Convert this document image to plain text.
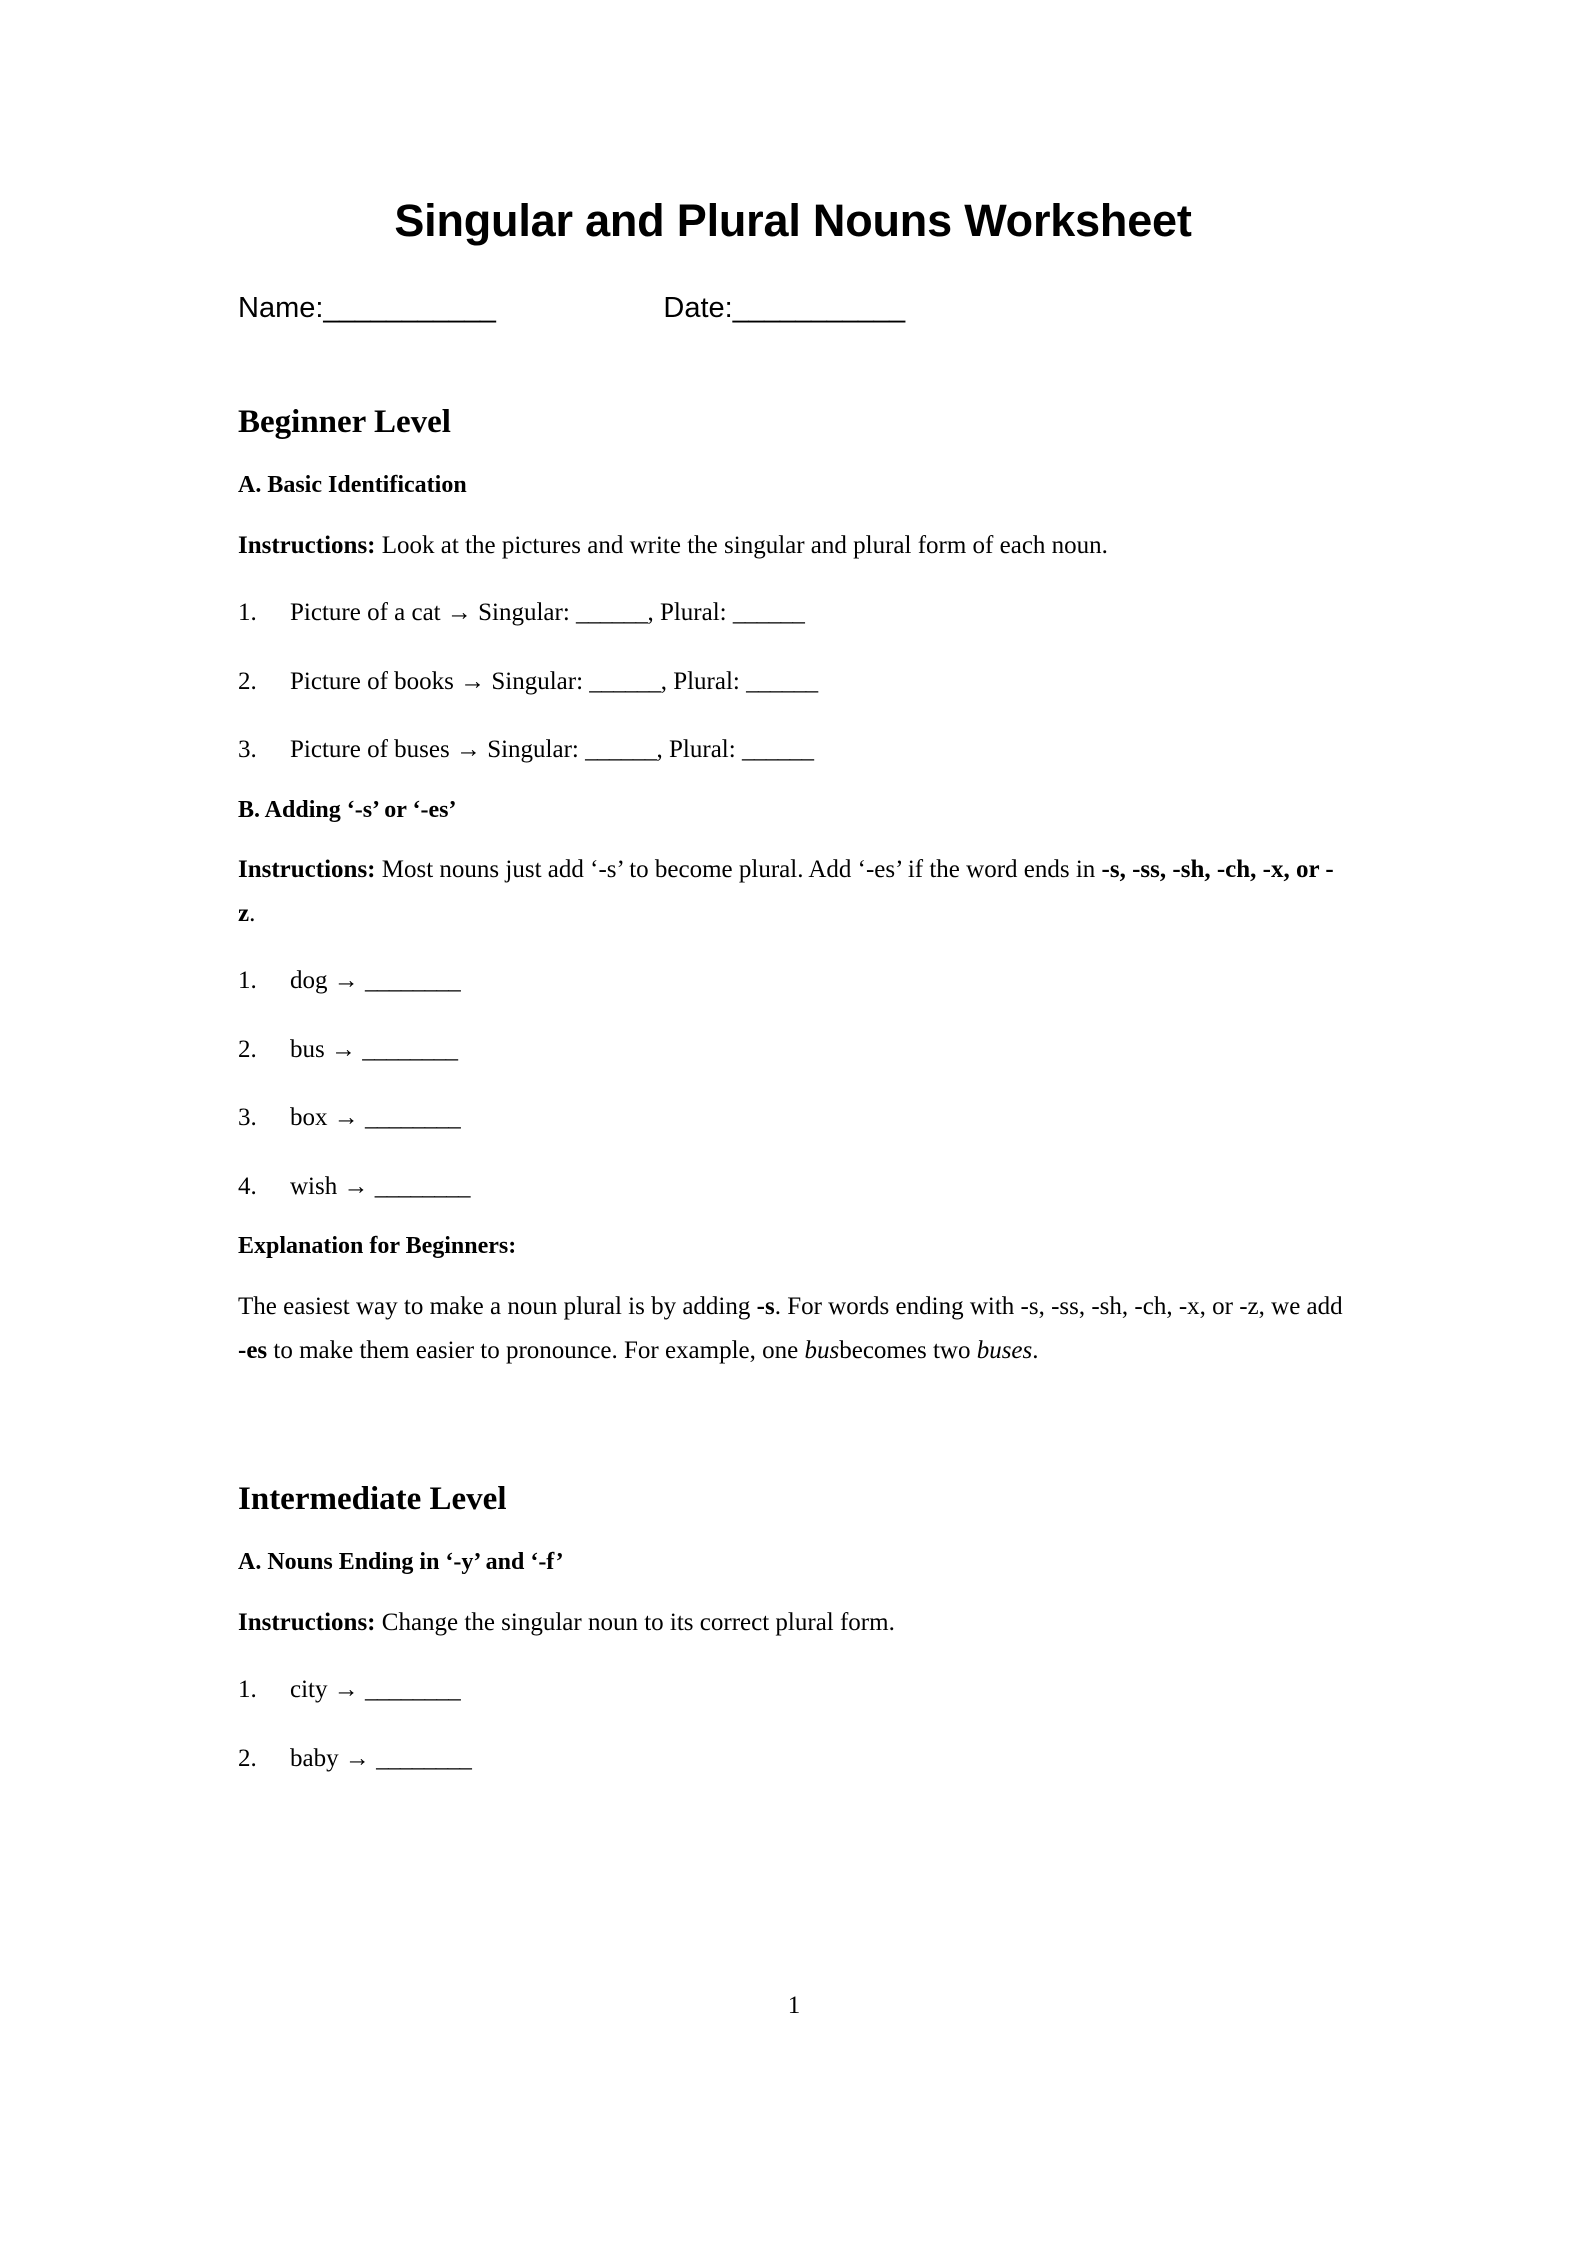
Singular and Plural Nouns Worksheet
Name:___________	Date:___________
Beginner Level
A. Basic Identification

Instructions: Look at the pictures and write the singular and plural form of each noun.

1. Picture of a cat → Singular: ______, Plural: ______
2. Picture of books → Singular: ______, Plural: ______
3. Picture of buses → Singular: ______, Plural: ______
B. Adding ‘-s’ or ‘-es’

Instructions: Most nouns just add ‘-s’ to become plural. Add ‘-es’ if the word ends in -s, -ss, -sh, -ch, -x, or -z.

1. dog → ________
2. bus → ________
3. box → ________
4. wish → ________
Explanation for Beginners:

The easiest way to make a noun plural is by adding -s. For words ending with -s, -ss, -sh, -ch, -x, or -z, we add -es to make them easier to pronounce. For example, one busbecomes two buses.

Intermediate Level
A. Nouns Ending in ‘-y’ and ‘-f’

Instructions: Change the singular noun to its correct plural form.

1. city → ________
2. baby → ________
1
